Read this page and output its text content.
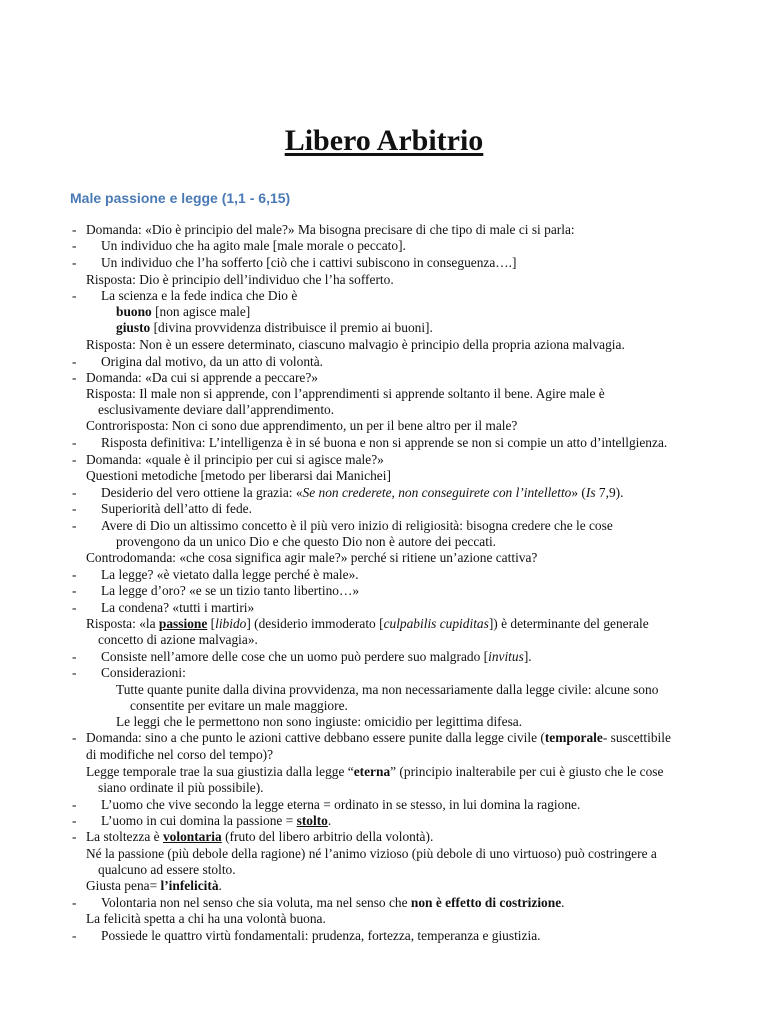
Libero Arbitrio
Male passione e legge (1,1 - 6,15)
- Domanda: «Dio è principio del male?» Ma bisogna precisare di che tipo di male ci si parla:
- Un individuo che ha agito male [male morale o peccato].
- Un individuo che l’ha sofferto [ciò che i cattivi subiscono in conseguenza….]
Risposta: Dio è principio dell’individuo che l’ha sofferto.
- La scienza e la fede indica che Dio è
buono [non agisce male]
giusto [divina provvidenza distribuisce il premio ai buoni].
Risposta: Non è un essere determinato, ciascuno malvagio è principio della propria aziona malvagia.
- Origina dal motivo, da un atto di volontà.
- Domanda: «Da cui si apprende a peccare?»
Risposta: Il male non si apprende, con l’apprendimenti si apprende soltanto il bene. Agire male è
esclusivamente deviare dall’apprendimento.
Controrisposta: Non ci sono due apprendimento, un per il bene altro per il male?
- Risposta definitiva: L’intelligenza è in sé buona e non si apprende se non si compie un atto d’intellgienza.
- Domanda: «quale è il principio per cui si agisce male?»
Questioni metodiche [metodo per liberarsi dai Manichei]
- Desiderio del vero ottiene la grazia: «Se non crederete, non conseguirete con l’intelletto» (Is 7,9).
- Superiorità dell’atto di fede.
- Avere di Dio un altissimo concetto è il più vero inizio di religiosità: bisogna credere che le cose
provengono da un unico Dio e che questo Dio non è autore dei peccati.
Controdomanda: «che cosa significa agir male?» perché si ritiene un’azione cattiva?
- La legge? «è vietato dalla legge perché è male».
- La legge d’oro? «e se un tizio tanto libertino…»
- La condena? «tutti i martiri»
Risposta: «la passione [libido] (desiderio immoderato [culpabilis cupiditas]) è determinante del generale
concetto di azione malvagia».
- Consiste nell’amore delle cose che un uomo può perdere suo malgrado [invitus].
- Considerazioni:
Tutte quante punite dalla divina provvidenza, ma non necessariamente dalla legge civile: alcune sono
consentite per evitare un male maggiore.
Le leggi che le permettono non sono ingiuste: omicidio per legittima difesa.
- Domanda: sino a che punto le azioni cattive debbano essere punite dalla legge civile (temporale- suscettibile
di modifiche nel corso del tempo)?
Legge temporale trae la sua giustizia dalla legge “eterna” (principio inalterabile per cui è giusto che le cose
siano ordinate il più possibile).
- L’uomo che vive secondo la legge eterna = ordinato in se stesso, in lui domina la ragione.
- L’uomo in cui domina la passione = stolto.
- La stoltezza è volontaria (fruto del libero arbitrio della volontà).
Né la passione (più debole della ragione) né l’animo vizioso (più debole di uno virtuoso) può costringere a
qualcuno ad essere stolto.
Giusta pena= l’infelicità.
- Volontaria non nel senso che sia voluta, ma nel senso che non è effetto di costrizione.
La felicità spetta a chi ha una volontà buona.
- Possiede le quattro virtù fondamentali: prudenza, fortezza, temperanza e giustizia.
